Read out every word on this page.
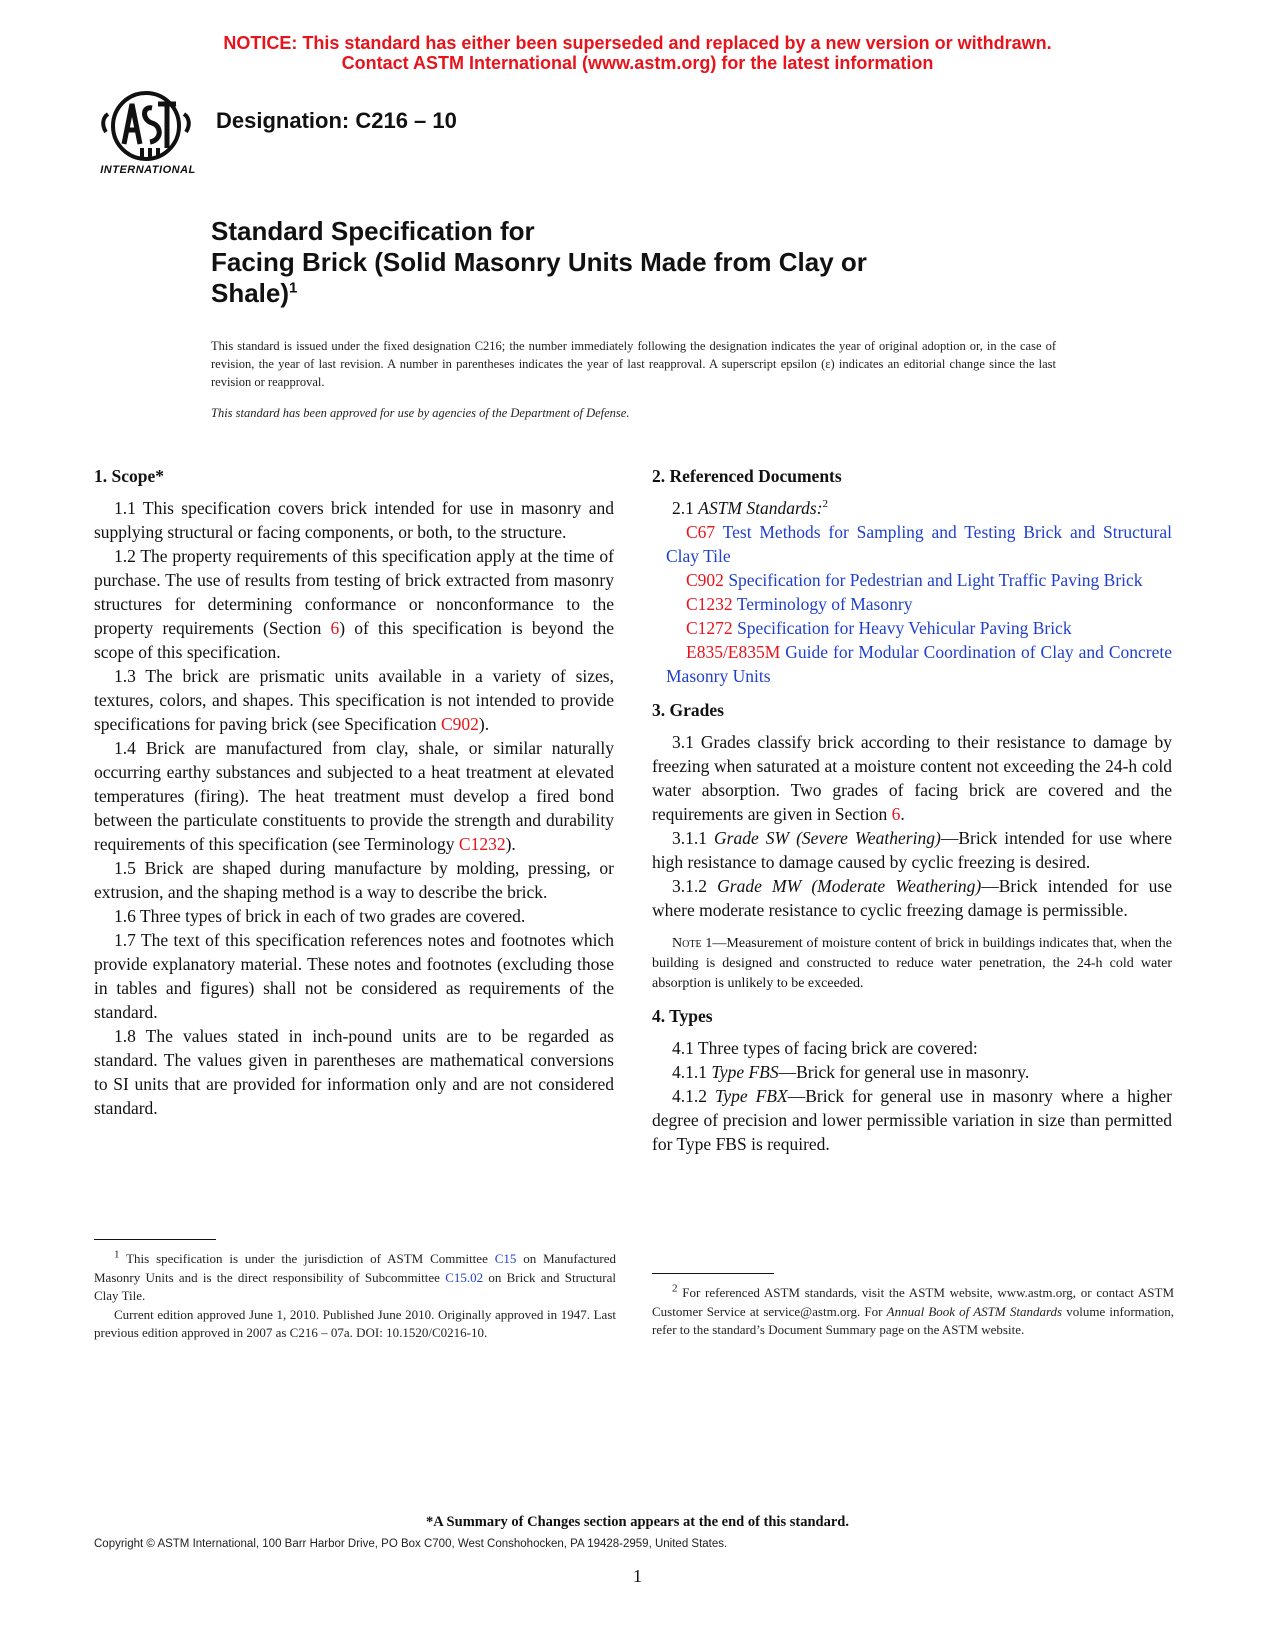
NOTICE: This standard has either been superseded and replaced by a new version or withdrawn.
Contact ASTM International (www.astm.org) for the latest information
INTERNATIONAL
Designation: C216 – 10
Standard Specification for
Facing Brick (Solid Masonry Units Made from Clay or
Shale)$^1$
This standard is issued under the fixed designation C216; the number immediately following the designation indicates the year of original adoption or, in the case of revision, the year of last revision. A number in parentheses indicates the year of last reapproval. A superscript epsilon (ε) indicates an editorial change since the last revision or reapproval.
This standard has been approved for use by agencies of the Department of Defense.
1. Scope*

1.1 This specification covers brick intended for use in masonry and supplying structural or facing components, or both, to the structure.

1.2 The property requirements of this specification apply at the time of purchase. The use of results from testing of brick extracted from masonry structures for determining conformance or nonconformance to the property requirements (Section 6) of this specification is beyond the scope of this specification.

1.3 The brick are prismatic units available in a variety of sizes, textures, colors, and shapes. This specification is not intended to provide specifications for paving brick (see Specification C902).

1.4 Brick are manufactured from clay, shale, or similar naturally occurring earthy substances and subjected to a heat treatment at elevated temperatures (firing). The heat treatment must develop a fired bond between the particulate constituents to provide the strength and durability requirements of this specification (see Terminology C1232).

1.5 Brick are shaped during manufacture by molding, pressing, or extrusion, and the shaping method is a way to describe the brick.

1.6 Three types of brick in each of two grades are covered.

1.7 The text of this specification references notes and footnotes which provide explanatory material. These notes and footnotes (excluding those in tables and figures) shall not be considered as requirements of the standard.

1.8 The values stated in inch-pound units are to be regarded as standard. The values given in parentheses are mathematical conversions to SI units that are provided for information only and are not considered standard.

$^1$ This specification is under the jurisdiction of ASTM Committee C15 on Manufactured Masonry Units and is the direct responsibility of Subcommittee C15.02 on Brick and Structural Clay Tile.

Current edition approved June 1, 2010. Published June 2010. Originally approved in 1947. Last previous edition approved in 2007 as C216 – 07a. DOI: 10.1520/C0216-10.

2. Referenced Documents

2.1 ASTM Standards:$^2$

C67 Test Methods for Sampling and Testing Brick and Structural Clay Tile

C902 Specification for Pedestrian and Light Traffic Paving Brick

C1232 Terminology of Masonry

C1272 Specification for Heavy Vehicular Paving Brick

E835/E835M Guide for Modular Coordination of Clay and Concrete Masonry Units

3. Grades

3.1 Grades classify brick according to their resistance to damage by freezing when saturated at a moisture content not exceeding the 24-h cold water absorption. Two grades of facing brick are covered and the requirements are given in Section 6.

3.1.1 Grade SW (Severe Weathering)—Brick intended for use where high resistance to damage caused by cyclic freezing is desired.

3.1.2 Grade MW (Moderate Weathering)—Brick intended for use where moderate resistance to cyclic freezing damage is permissible.

Note 1—Measurement of moisture content of brick in buildings indicates that, when the building is designed and constructed to reduce water penetration, the 24-h cold water absorption is unlikely to be exceeded.
4. Types

4.1 Three types of facing brick are covered:

4.1.1 Type FBS—Brick for general use in masonry.

4.1.2 Type FBX—Brick for general use in masonry where a higher degree of precision and lower permissible variation in size than permitted for Type FBS is required.

$^2$ For referenced ASTM standards, visit the ASTM website, www.astm.org, or contact ASTM Customer Service at service@astm.org. For Annual Book of ASTM Standards volume information, refer to the standard’s Document Summary page on the ASTM website.

*A Summary of Changes section appears at the end of this standard.
Copyright © ASTM International, 100 Barr Harbor Drive, PO Box C700, West Conshohocken, PA 19428-2959, United States.
1
